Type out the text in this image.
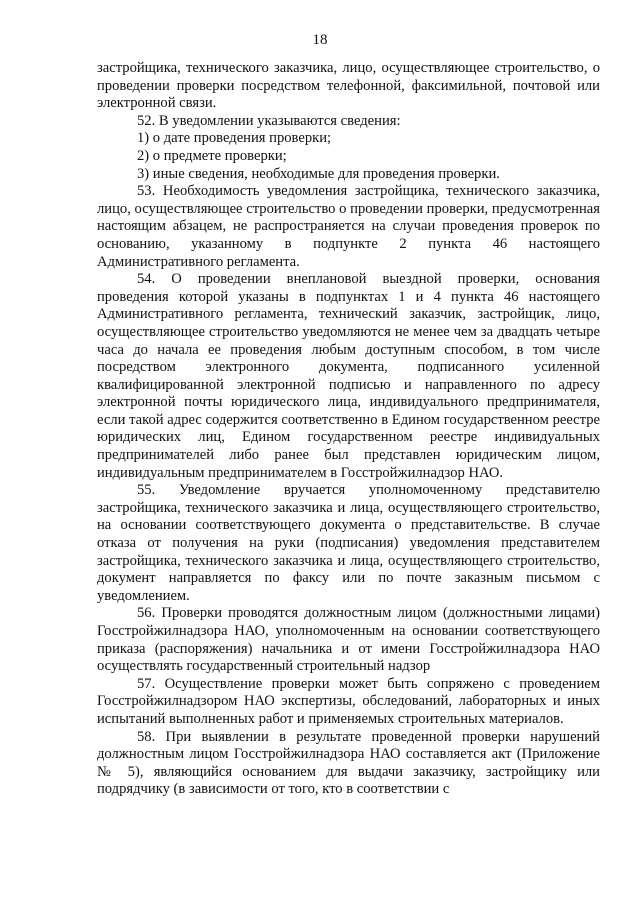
18

застройщика, технического заказчика, лицо, осуществляющее строительство, о проведении проверки посредством телефонной, факсимильной, почтовой или электронной связи.

52. В уведомлении указываются сведения:

1) о дате проведения проверки;

2) о предмете проверки;

3) иные сведения, необходимые для проведения проверки.

53. Необходимость уведомления застройщика, технического заказчика, лицо, осуществляющее строительство о проведении проверки, предусмотренная настоящим абзацем, не распространяется на случаи проведения проверок по основанию, указанному в подпункте 2 пункта 46 настоящего Административного регламента.

54. О проведении внеплановой выездной проверки, основания проведения которой указаны в подпунктах 1 и 4 пункта 46 настоящего Административного регламента, технический заказчик, застройщик, лицо, осуществляющее строительство уведомляются не менее чем за двадцать четыре часа до начала ее проведения любым доступным способом, в том числе посредством электронного документа, подписанного усиленной квалифицированной электронной подписью и направленного по адресу электронной почты юридического лица, индивидуального предпринимателя, если такой адрес содержится соответственно в Едином государственном реестре юридических лиц, Едином государственном реестре индивидуальных предпринимателей либо ранее был представлен юридическим лицом, индивидуальным предпринимателем в Госстройжилнадзор НАО.

55. Уведомление вручается уполномоченному представителю застройщика, технического заказчика и лица, осуществляющего строительство, на основании соответствующего документа о представительстве. В случае отказа от получения на руки (подписания) уведомления представителем застройщика, технического заказчика и лица, осуществляющего строительство, документ направляется по факсу или по почте заказным письмом с уведомлением.

56. Проверки проводятся должностным лицом (должностными лицами) Госстройжилнадзора НАО, уполномоченным на основании соответствующего приказа (распоряжения) начальника и от имени Госстройжилнадзора НАО осуществлять государственный строительный надзор

57. Осуществление проверки может быть сопряжено с проведением Госстройжилнадзором НАО экспертизы, обследований, лабораторных и иных испытаний выполненных работ и применяемых строительных материалов.

58. При выявлении в результате проведенной проверки нарушений должностным лицом Госстройжилнадзора НАО составляется акт (Приложение № 5), являющийся основанием для выдачи заказчику, застройщику или подрядчику (в зависимости от того, кто в соответствии с
